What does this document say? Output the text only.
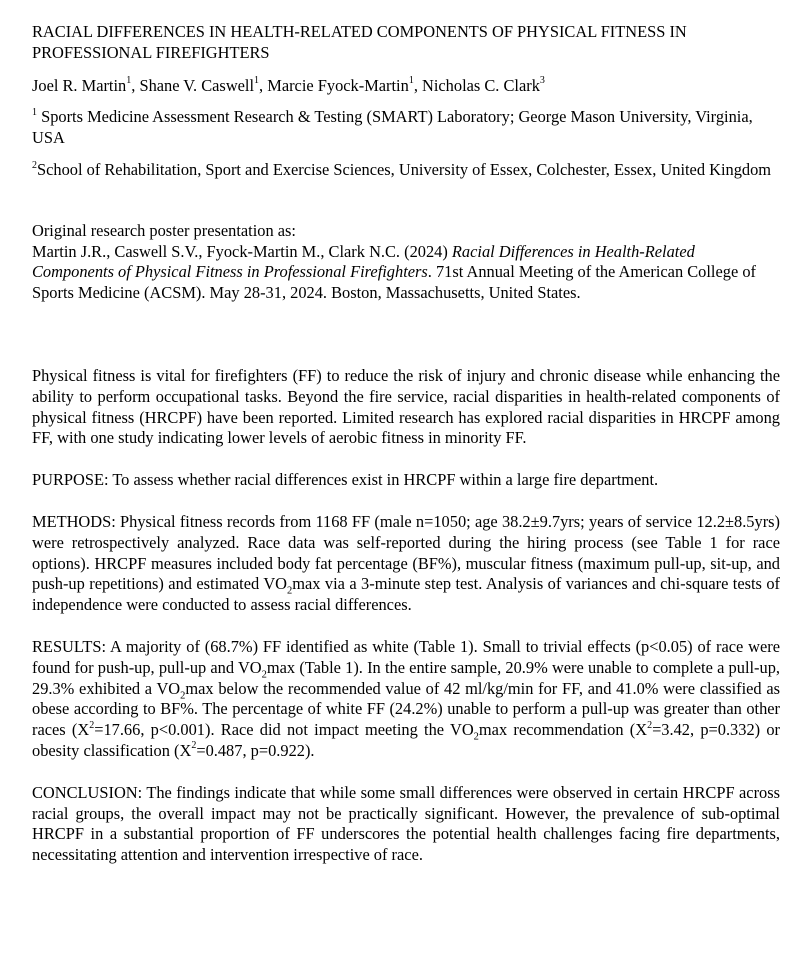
RACIAL DIFFERENCES IN HEALTH-RELATED COMPONENTS OF PHYSICAL FITNESS IN PROFESSIONAL FIREFIGHTERS

Joel R. Martin$^1$, Shane V. Caswell$^1$, Marcie Fyock-Martin$^1$, Nicholas C. Clark$^3$

$^1$ Sports Medicine Assessment Research & Testing (SMART) Laboratory; George Mason University, Virginia, USA

$^2$School of Rehabilitation, Sport and Exercise Sciences, University of Essex, Colchester, Essex, United Kingdom

Original research poster presentation as:

Martin J.R., Caswell S.V., Fyock-Martin M., Clark N.C. (2024) Racial Differences in Health-Related Components of Physical Fitness in Professional Firefighters. 71st Annual Meeting of the American College of Sports Medicine (ACSM). May 28-31, 2024. Boston, Massachusetts, United States.

Physical fitness is vital for firefighters (FF) to reduce the risk of injury and chronic disease while enhancing the ability to perform occupational tasks. Beyond the fire service, racial disparities in health-related components of physical fitness (HRCPF) have been reported. Limited research has explored racial disparities in HRCPF among FF, with one study indicating lower levels of aerobic fitness in minority FF.

PURPOSE: To assess whether racial differences exist in HRCPF within a large fire department.

METHODS: Physical fitness records from 1168 FF (male n=1050; age 38.2±9.7yrs; years of service 12.2±8.5yrs) were retrospectively analyzed. Race data was self-reported during the hiring process (see Table 1 for race options). HRCPF measures included body fat percentage (BF%), muscular fitness (maximum pull-up, sit-up, and push-up repetitions) and estimated $VO_2\max$ via a 3-minute step test. Analysis of variances and chi-square tests of independence were conducted to assess racial differences.

RESULTS: A majority of (68.7%) FF identified as white (Table 1). Small to trivial effects (p<0.05) of race were found for push-up, pull-up and $VO_2\max$ (Table 1). In the entire sample, 20.9% were unable to complete a pull-up, 29.3% exhibited a $VO_2\max$ below the recommended value of 42 ml/kg/min for FF, and 41.0% were classified as obese according to BF%. The percentage of white FF (24.2%) unable to perform a pull-up was greater than other races ($X^2=17.66$, p<0.001). Race did not impact meeting the $VO_2\max$ recommendation ($X^2=3.42$, p=0.332) or obesity classification ($X^2=0.487$, p=0.922).

CONCLUSION: The findings indicate that while some small differences were observed in certain HRCPF across racial groups, the overall impact may not be practically significant. However, the prevalence of sub-optimal HRCPF in a substantial proportion of FF underscores the potential health challenges facing fire departments, necessitating attention and intervention irrespective of race.
